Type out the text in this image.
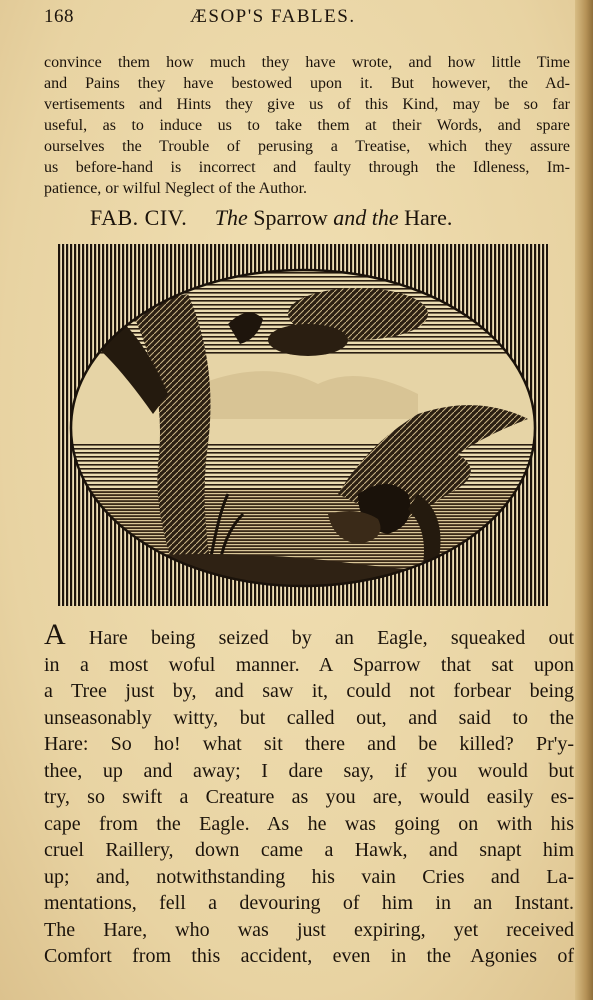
168	ÆSOP'S FABLES.
convince them how much they have wrote, and how little Time
and Pains they have bestowed upon it. But however, the Ad-
vertisements and Hints they give us of this Kind, may be so far
useful, as to induce us to take them at their Words, and spare
ourselves the Trouble of perusing a Treatise, which they assure
us before-hand is incorrect and faulty through the Idleness, Im-
patience, or wilful Neglect of the Author.
FAB. CIV. The Sparrow and the Hare.
A Hare being seized by an Eagle, squeaked out
in a most woful manner. A Sparrow that sat upon
a Tree just by, and saw it, could not forbear being
unseasonably witty, but called out, and said to the
Hare: So ho! what sit there and be killed? Pr'y-
thee, up and away; I dare say, if you would but
try, so swift a Creature as you are, would easily es-
cape from the Eagle. As he was going on with his
cruel Raillery, down came a Hawk, and snapt him
up; and, notwithstanding his vain Cries and La-
mentations, fell a devouring of him in an Instant.
The Hare, who was just expiring, yet received
Comfort from this accident, even in the Agonies of
